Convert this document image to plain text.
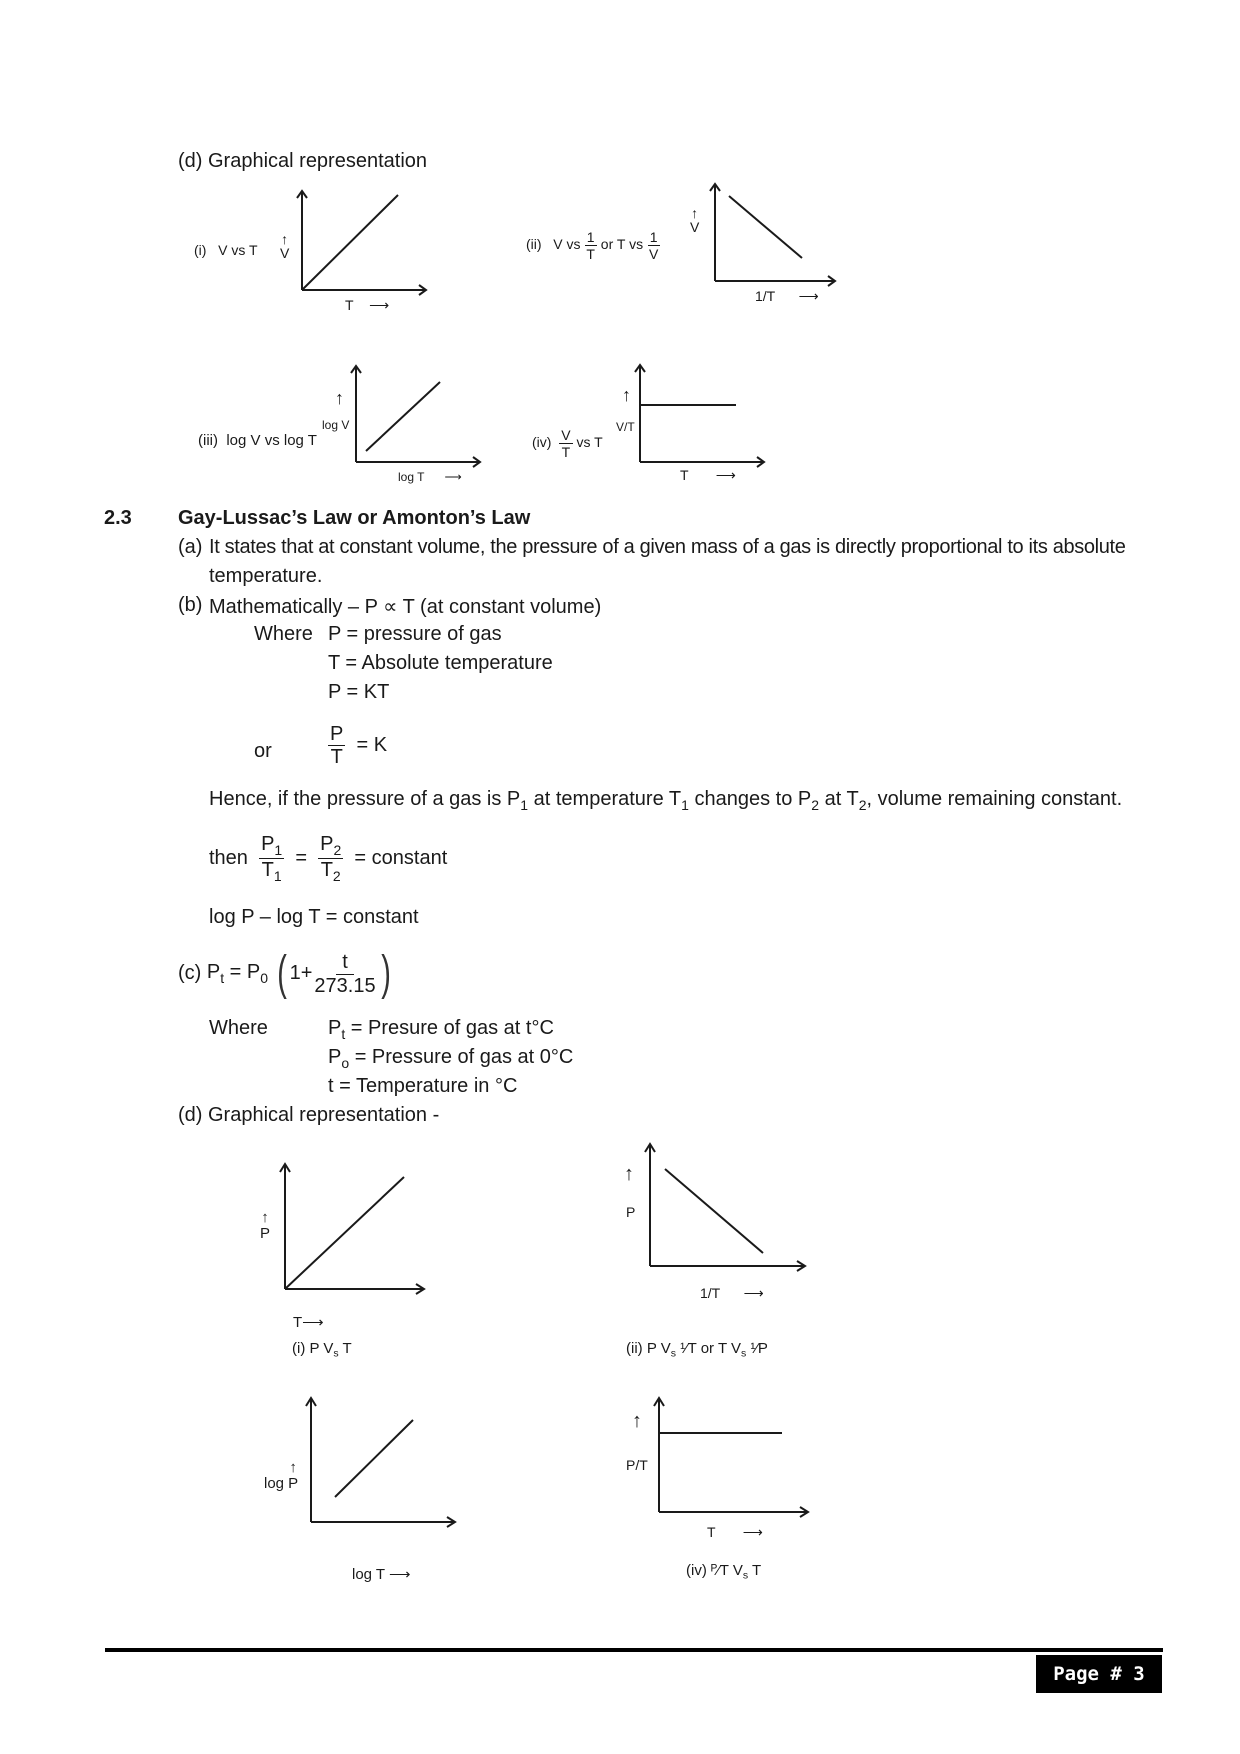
(d) Graphical representation
(i) V vs T
↑
V
T    ⟶
(ii) V vs $\frac{1}{T}$ or T vs $\frac{1}{V}$
↑
V
1/T      ⟶
(iii) log V vs log T
↑
log V
log T      ⟶
$(iv) \frac{V}{T}$ vs T
↑
V/T
T       ⟶
2.3 Gay-Lussac’s Law or Amonton’s Law
(a) It states that at constant volume, the pressure of a given mass of a gas is directly proportional to its absolute
temperature.
(b) Mathematically – P ∝ T (at constant volume)
Where P = pressure of gas
T = Absolute temperature
P = KT
or	$\frac{P}{T} = K$
Hence, if the pressure of a gas is $P_1$ at temperature $T_1$ changes to $P_2$ at $T_2$, volume remaining constant.
then $\frac{P_1}{T_1} = \frac{P_2}{T_2}$ = constant
log P – log T = constant
(c) $P_t = P_0$ ( $1+ \frac{t}{273.15}$ )
Where	$P_t$ = Presure of gas at t°C
$P_o$ = Pressure of gas at 0°C
t = Temperature in °C
(d) Graphical representation -
↑
P
T⟶
(i) P $V_s$ T
↑
P
1/T      ⟶
(ii) P $V_s$ ¹⁄T or T $V_s$ ¹⁄P
↑
log P
log T ⟶
↑
P/T
T       ⟶
(iv) ᴾ⁄T $V_s$ T
Page # 3
